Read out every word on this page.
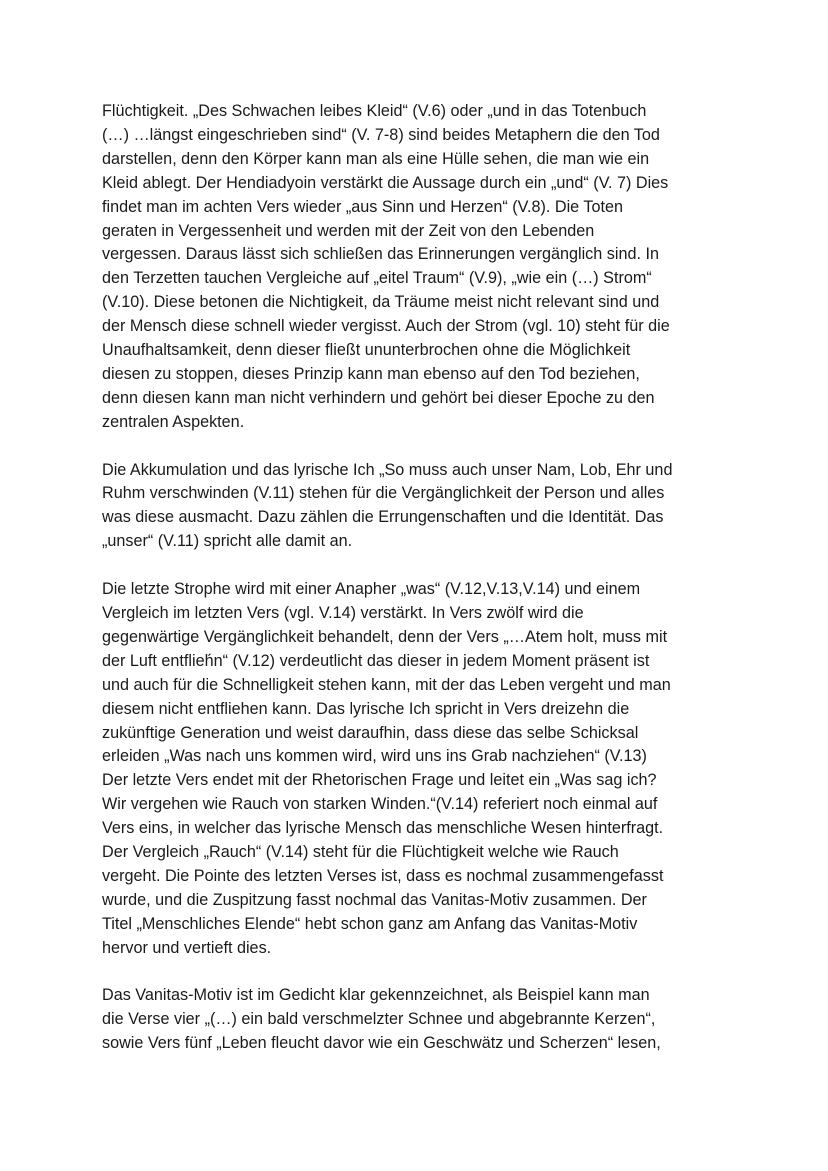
Flüchtigkeit. „Des Schwachen leibes Kleid“ (V.6) oder „und in das Totenbuch
(…) …längst eingeschrieben sind“ (V. 7-8) sind beides Metaphern die den Tod
darstellen, denn den Körper kann man als eine Hülle sehen, die man wie ein
Kleid ablegt. Der Hendiadyoin verstärkt die Aussage durch ein „und“ (V. 7) Dies
findet man im achten Vers wieder „aus Sinn und Herzen“ (V.8). Die Toten
geraten in Vergessenheit und werden mit der Zeit von den Lebenden
vergessen. Daraus lässt sich schließen das Erinnerungen vergänglich sind. In
den Terzetten tauchen Vergleiche auf „eitel Traum“ (V.9), „wie ein (…) Strom“
(V.10). Diese betonen die Nichtigkeit, da Träume meist nicht relevant sind und
der Mensch diese schnell wieder vergisst. Auch der Strom (vgl. 10) steht für die
Unaufhaltsamkeit, denn dieser fließt ununterbrochen ohne die Möglichkeit
diesen zu stoppen, dieses Prinzip kann man ebenso auf den Tod beziehen,
denn diesen kann man nicht verhindern und gehört bei dieser Epoche zu den
zentralen Aspekten.

Die Akkumulation und das lyrische Ich „So muss auch unser Nam, Lob, Ehr und
Ruhm verschwinden (V.11) stehen für die Vergänglichkeit der Person und alles
was diese ausmacht. Dazu zählen die Errungenschaften und die Identität. Das
„unser“ (V.11) spricht alle damit an.

Die letzte Strophe wird mit einer Anapher „was“ (V.12,V.13,V.14) und einem
Vergleich im letzten Vers (vgl. V.14) verstärkt. In Vers zwölf wird die
gegenwärtige Vergänglichkeit behandelt, denn der Vers „…Atem holt, muss mit
der Luft entflieh́n“ (V.12) verdeutlicht das dieser in jedem Moment präsent ist
und auch für die Schnelligkeit stehen kann, mit der das Leben vergeht und man
diesem nicht entfliehen kann. Das lyrische Ich spricht in Vers dreizehn die
zukünftige Generation und weist daraufhin, dass diese das selbe Schicksal
erleiden „Was nach uns kommen wird, wird uns ins Grab nachziehen“ (V.13)
Der letzte Vers endet mit der Rhetorischen Frage und leitet ein „Was sag ich?
Wir vergehen wie Rauch von starken Winden.“(V.14) referiert noch einmal auf
Vers eins, in welcher das lyrische Mensch das menschliche Wesen hinterfragt.
Der Vergleich „Rauch“ (V.14) steht für die Flüchtigkeit welche wie Rauch
vergeht. Die Pointe des letzten Verses ist, dass es nochmal zusammengefasst
wurde, und die Zuspitzung fasst nochmal das Vanitas-Motiv zusammen. Der
Titel „Menschliches Elende“ hebt schon ganz am Anfang das Vanitas-Motiv
hervor und vertieft dies.

Das Vanitas-Motiv ist im Gedicht klar gekennzeichnet, als Beispiel kann man
die Verse vier „(…) ein bald verschmelzter Schnee und abgebrannte Kerzen“,
sowie Vers fünf „Leben fleucht davor wie ein Geschwätz und Scherzen“ lesen,
